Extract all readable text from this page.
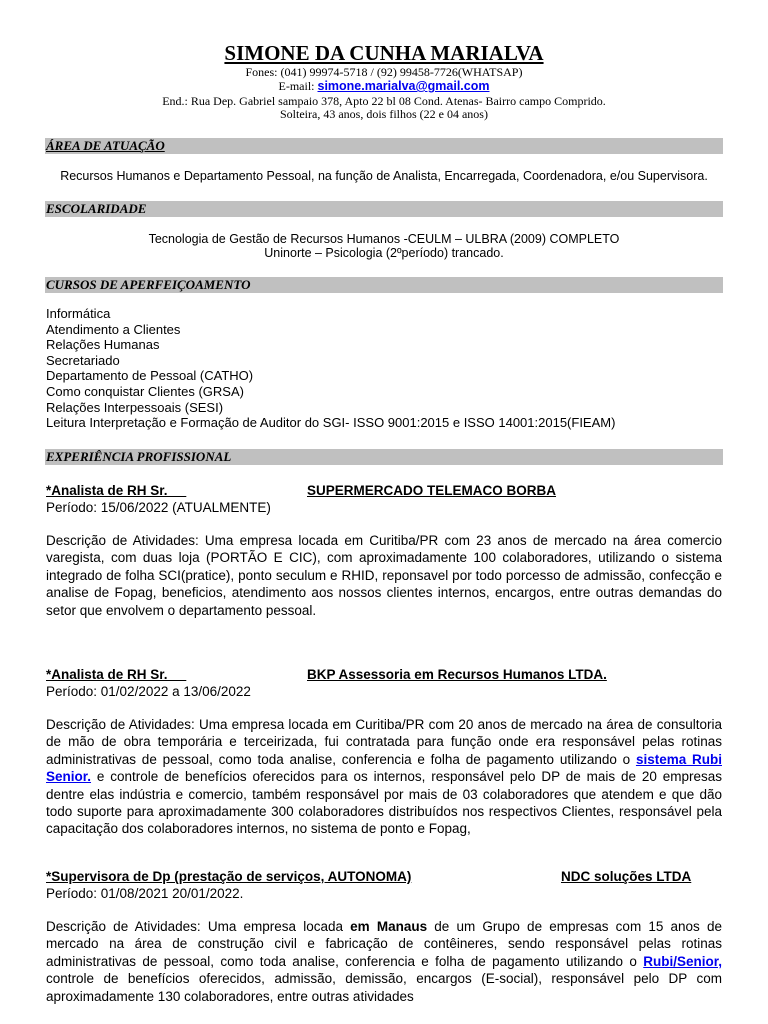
SIMONE DA CUNHA MARIALVA
Fones: (041) 99974-5718 / (92) 99458-7726(WHATSAP)
E-mail: simone.marialva@gmail.com
End.: Rua Dep. Gabriel sampaio 378, Apto 22 bl 08 Cond. Atenas- Bairro campo Comprido.
Solteira, 43 anos, dois filhos (22 e 04 anos)
ÁREA DE ATUAÇÃO
Recursos Humanos e Departamento Pessoal, na função de Analista, Encarregada, Coordenadora, e/ou Supervisora.
ESCOLARIDADE
Tecnologia de Gestão de Recursos Humanos -CEULM – ULBRA (2009) COMPLETO
Uninorte – Psicologia (2ºperíodo) trancado.
CURSOS DE APERFEIÇOAMENTO
Informática
Atendimento a Clientes
Relações Humanas
Secretariado
Departamento de Pessoal (CATHO)
Como conquistar Clientes (GRSA)
Relações Interpessoais (SESI)
Leitura Interpretação e Formação de Auditor do SGI- ISSO 9001:2015 e ISSO 14001:2015(FIEAM)
EXPERIÊNCIA PROFISSIONAL
*Analista de RH Sr.	SUPERMERCADO TELEMACO BORBA
Período: 15/06/2022 (ATUALMENTE)
Descrição de Atividades: Uma empresa locada em Curitiba/PR com 23 anos de mercado na área comercio varegista, com duas loja (PORTÃO E CIC), com aproximadamente 100 colaboradores, utilizando o sistema integrado de folha SCI(pratice), ponto seculum e RHID, reponsavel por todo porcesso de admissão, confecção e analise de Fopag, beneficios, atendimento aos nossos clientes internos, encargos, entre outras demandas do setor que envolvem o departamento pessoal.
*Analista de RH Sr.	BKP Assessoria em Recursos Humanos LTDA.
Período: 01/02/2022 a 13/06/2022
Descrição de Atividades: Uma empresa locada em Curitiba/PR com 20 anos de mercado na área de consultoria de mão de obra temporária e terceirizada, fui contratada para função onde era responsável pelas rotinas administrativas de pessoal, como toda analise, conferencia e folha de pagamento utilizando o sistema Rubi Senior. e controle de benefícios oferecidos para os internos, responsável pelo DP de mais de 20 empresas dentre elas indústria e comercio, também responsável por mais de 03 colaboradores que atendem e que dão todo suporte para aproximadamente 300 colaboradores distribuídos nos respectivos Clientes, responsável pela capacitação dos colaboradores internos, no sistema de ponto e Fopag,
*Supervisora de Dp (prestação de serviços, AUTONOMA)	NDC soluções LTDA
Período: 01/08/2021 20/01/2022.
Descrição de Atividades: Uma empresa locada em Manaus de um Grupo de empresas com 15 anos de mercado na área de construção civil e fabricação de contêineres, sendo responsável pelas rotinas administrativas de pessoal, como toda analise, conferencia e folha de pagamento utilizando o Rubi/Senior, controle de benefícios oferecidos, admissão, demissão, encargos (E-social), responsável pelo DP com aproximadamente 130 colaboradores, entre outras atividades
